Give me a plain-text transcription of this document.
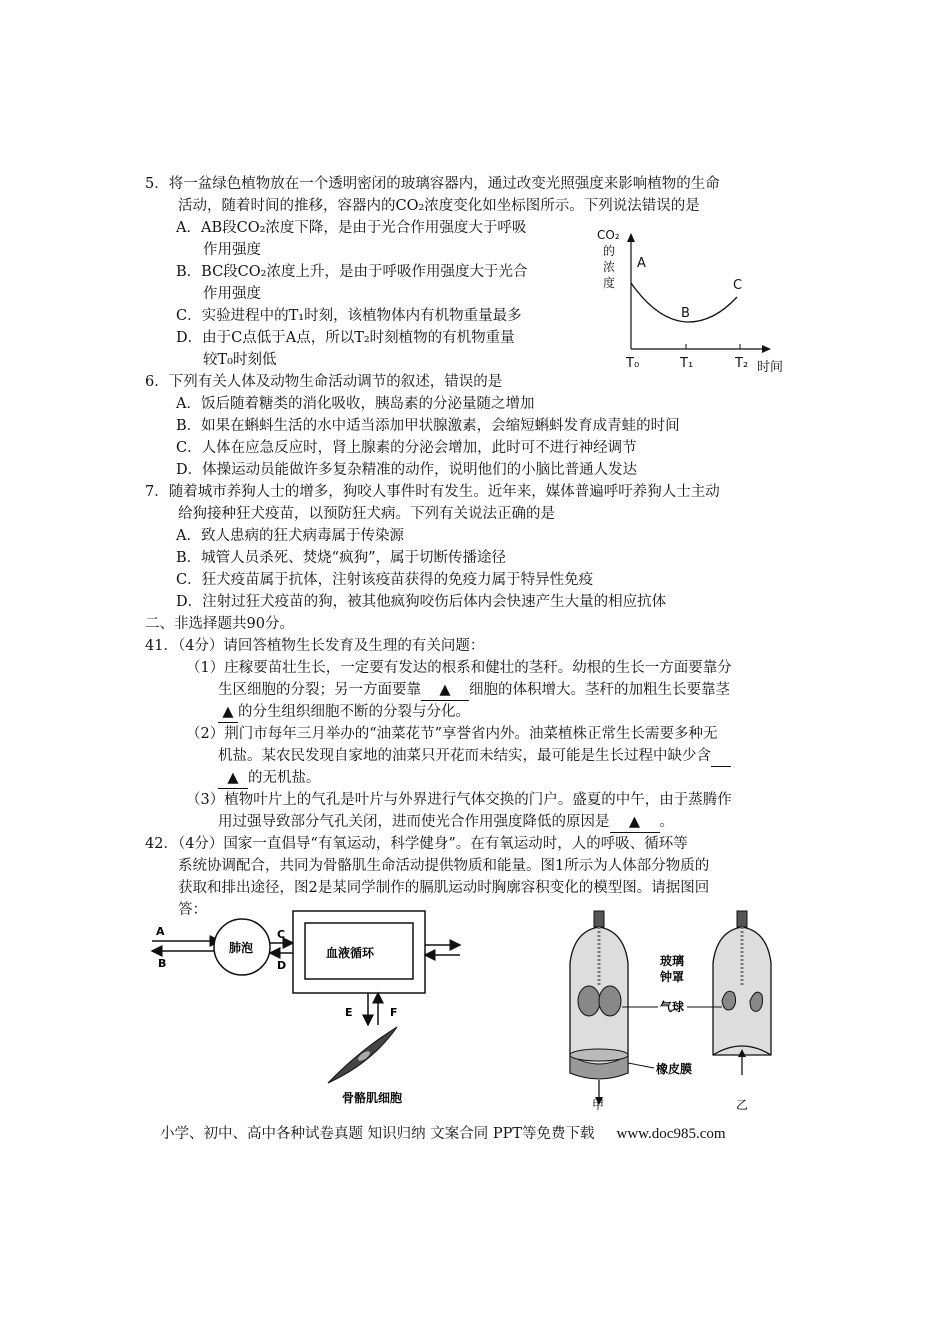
5．将一盆绿色植物放在一个透明密闭的玻璃容器内，通过改变光照强度来影响植物的生命
活动，随着时间的推移，容器内的CO₂浓度变化如坐标图所示。下列说法错误的是
A．AB段CO₂浓度下降，是由于光合作用强度大于呼吸
作用强度
B．BC段CO₂浓度上升，是由于呼吸作用强度大于光合
作用强度
C．实验进程中的T₁时刻，该植物体内有机物重量最多
D．由于C点低于A点，所以T₂时刻植物的有机物重量
较T₀时刻低
CO₂
的
浓
度
A
B
C
T₀	T₁	T₂ 时间
6．下列有关人体及动物生命活动调节的叙述，错误的是
A．饭后随着糖类的消化吸收，胰岛素的分泌量随之增加
B．如果在蝌蚪生活的水中适当添加甲状腺激素，会缩短蝌蚪发育成青蛙的时间
C．人体在应急反应时，肾上腺素的分泌会增加，此时可不进行神经调节
D．体操运动员能做许多复杂精准的动作，说明他们的小脑比普通人发达
7．随着城市养狗人士的增多，狗咬人事件时有发生。近年来，媒体普遍呼吁养狗人士主动
给狗接种狂犬疫苗，以预防狂犬病。下列有关说法正确的是
A．致人患病的狂犬病毒属于传染源
B．城管人员杀死、焚烧“疯狗”，属于切断传播途径
C．狂犬疫苗属于抗体，注射该疫苗获得的免疫力属于特异性免疫
D．注射过狂犬疫苗的狗，被其他疯狗咬伤后体内会快速产生大量的相应抗体
二、非选择题共90分。
41．（4分）请回答植物生长发育及生理的有关问题：
（1）庄稼要苗壮生长，一定要有发达的根系和健壮的茎秆。幼根的生长一方面要靠分
生区细胞的分裂；另一方面要靠 ▲ 细胞的体积增大。茎秆的加粗生长要靠茎
▲ 的分生组织细胞不断的分裂与分化。
（2）荆门市每年三月举办的“油菜花节”享誉省内外。油菜植株正常生长需要多种无
机盐。某农民发现自家地的油菜只开花而未结实，最可能是生长过程中缺少含
▲ 的无机盐。
（3）植物叶片上的气孔是叶片与外界进行气体交换的门户。盛夏的中午，由于蒸腾作
用过强导致部分气孔关闭，进而使光合作用强度降低的原因是 ▲ 。
42．（4分）国家一直倡导“有氧运动，科学健身”。在有氧运动时，人的呼吸、循环等
系统协调配合，共同为骨骼肌生命活动提供物质和能量。图1所示为人体部分物质的
获取和排出途径，图2是某同学制作的膈肌运动时胸廓容积变化的模型图。请据图回
答：
A
B
肺泡
C
D
血液循环
E	F
骨骼肌细胞
玻璃
钟罩
气球
橡皮膜
甲	乙
小学、初中、高中各种试卷真题 知识归纳 文案合同 PPT等免费下载 www.doc985.com
